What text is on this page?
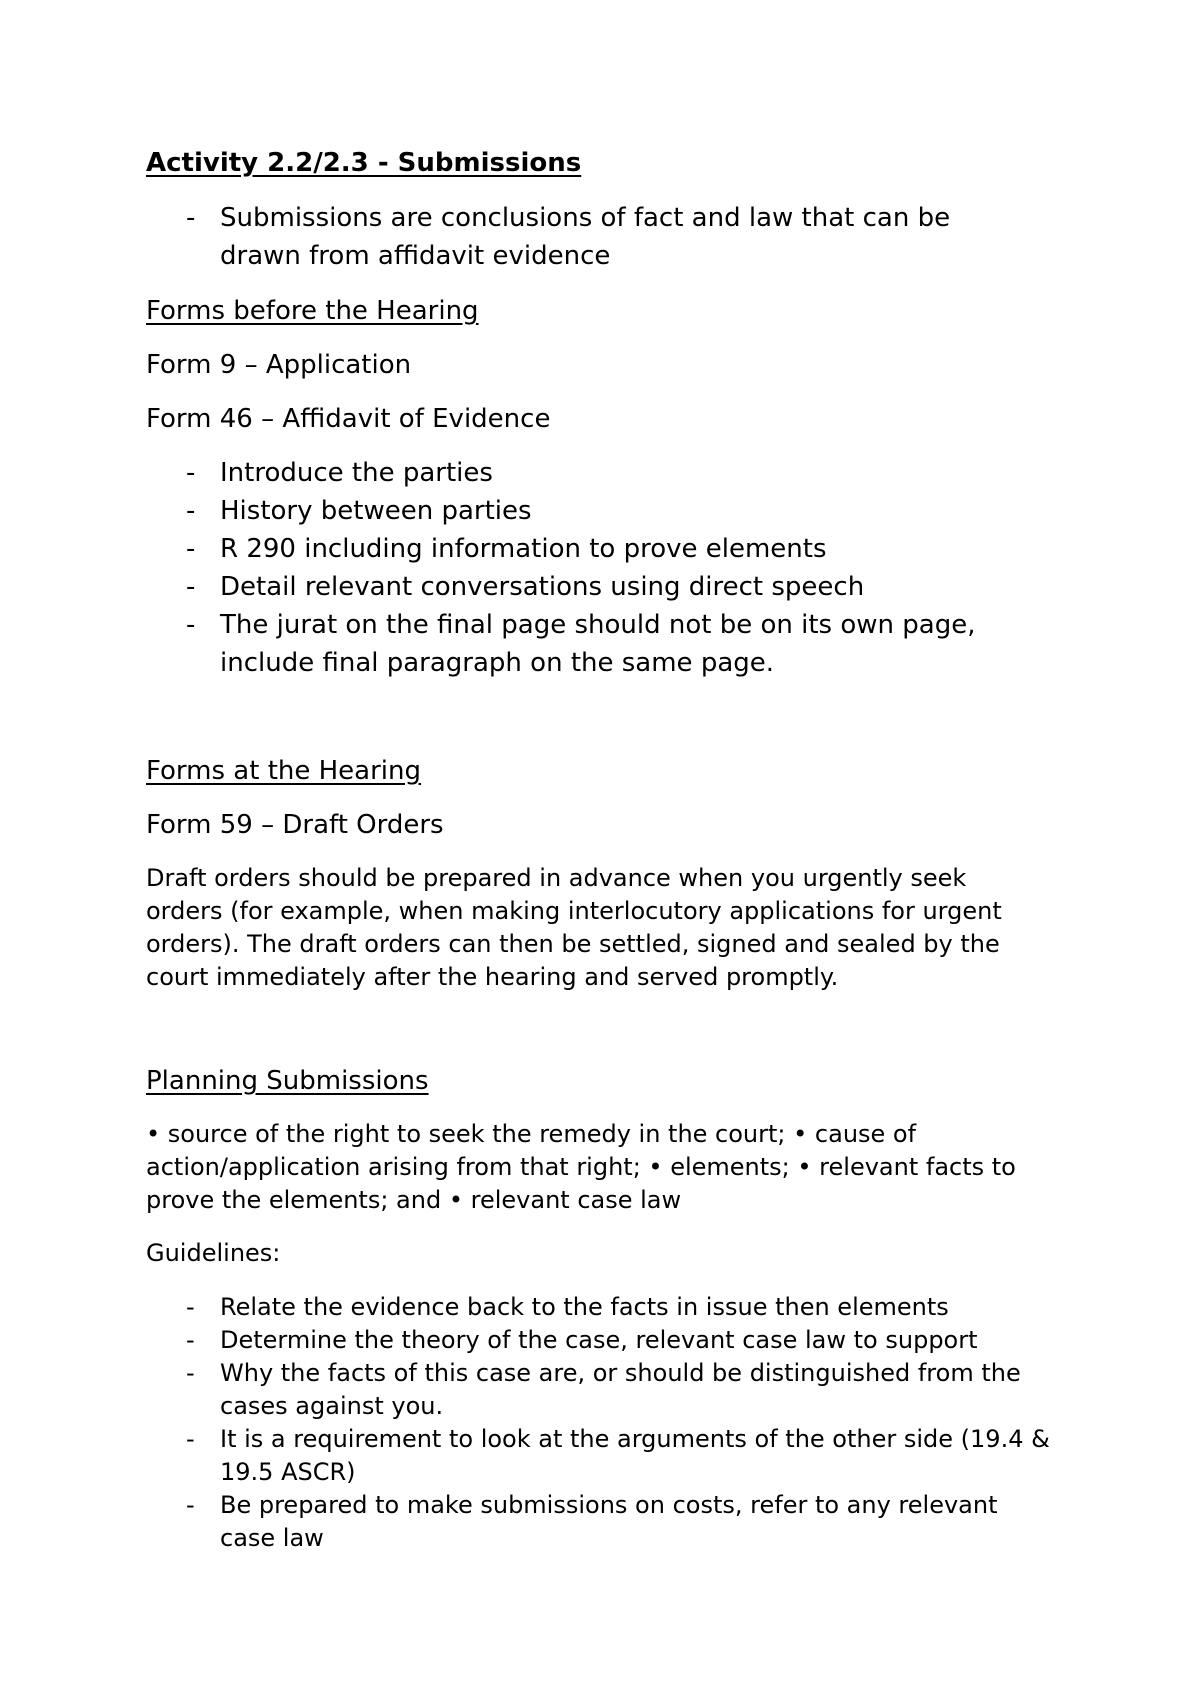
Activity 2.2/2.3 - Submissions
- Submissions are conclusions of fact and law that can be
drawn from affidavit evidence
Forms before the Hearing
Form 9 – Application
Form 46 – Affidavit of Evidence
- Introduce the parties
- History between parties
- R 290 including information to prove elements
- Detail relevant conversations using direct speech
- The jurat on the final page should not be on its own page,
include final paragraph on the same page.
Forms at the Hearing
Form 59 – Draft Orders
Draft orders should be prepared in advance when you urgently seek
orders (for example, when making interlocutory applications for urgent
orders). The draft orders can then be settled, signed and sealed by the
court immediately after the hearing and served promptly.
Planning Submissions
• source of the right to seek the remedy in the court; • cause of
action/application arising from that right; • elements; • relevant facts to
prove the elements; and • relevant case law
Guidelines:
- Relate the evidence back to the facts in issue then elements
- Determine the theory of the case, relevant case law to support
- Why the facts of this case are, or should be distinguished from the
cases against you.
- It is a requirement to look at the arguments of the other side (19.4 &
19.5 ASCR)
- Be prepared to make submissions on costs, refer to any relevant
case law
